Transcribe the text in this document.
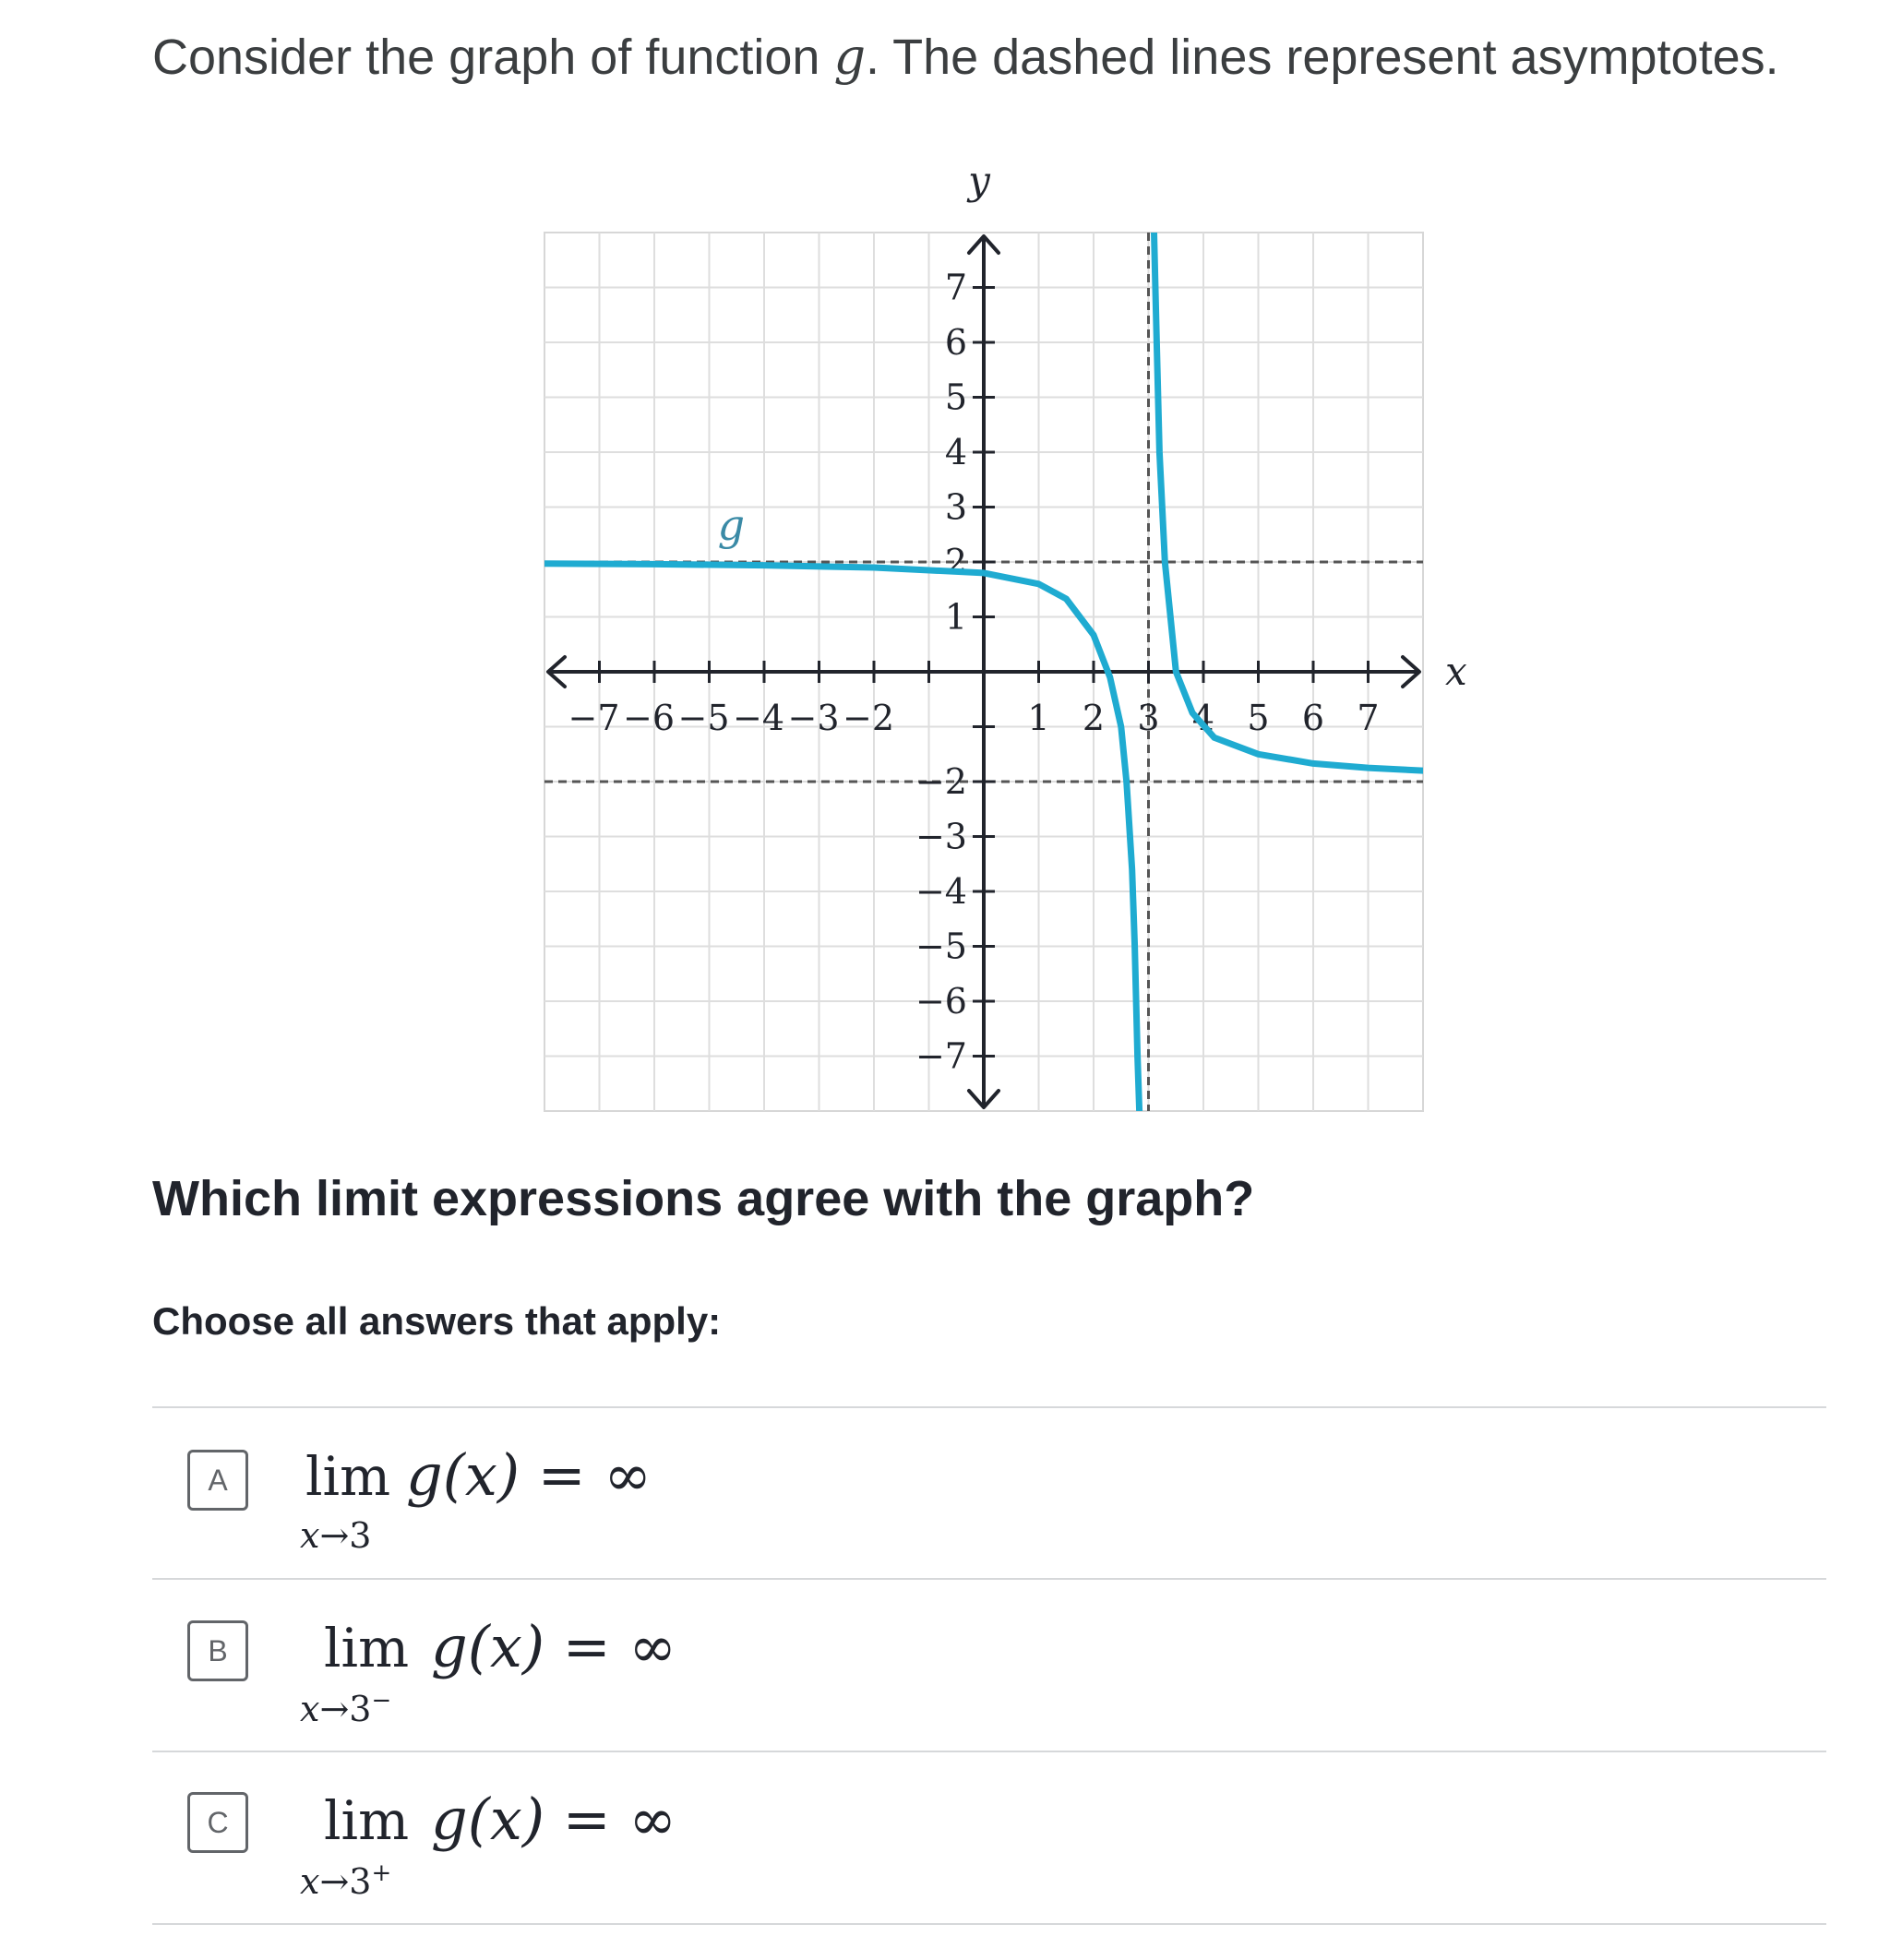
Consider the graph of function g. The dashed lines represent asymptotes.
−7 −6 −5 −4 −3 −2	1 2 3 4 5 6 7
7
6
5
4
3
2
1
−2
−3
−4
−5
−6
−7
x
y
g
Which limit expressions agree with the graph?
Choose all answers that apply:
A lim
x→3
g(x) = ∞
B lim
x→3−
g(x) = ∞
C lim
x→3+
g(x) = ∞
